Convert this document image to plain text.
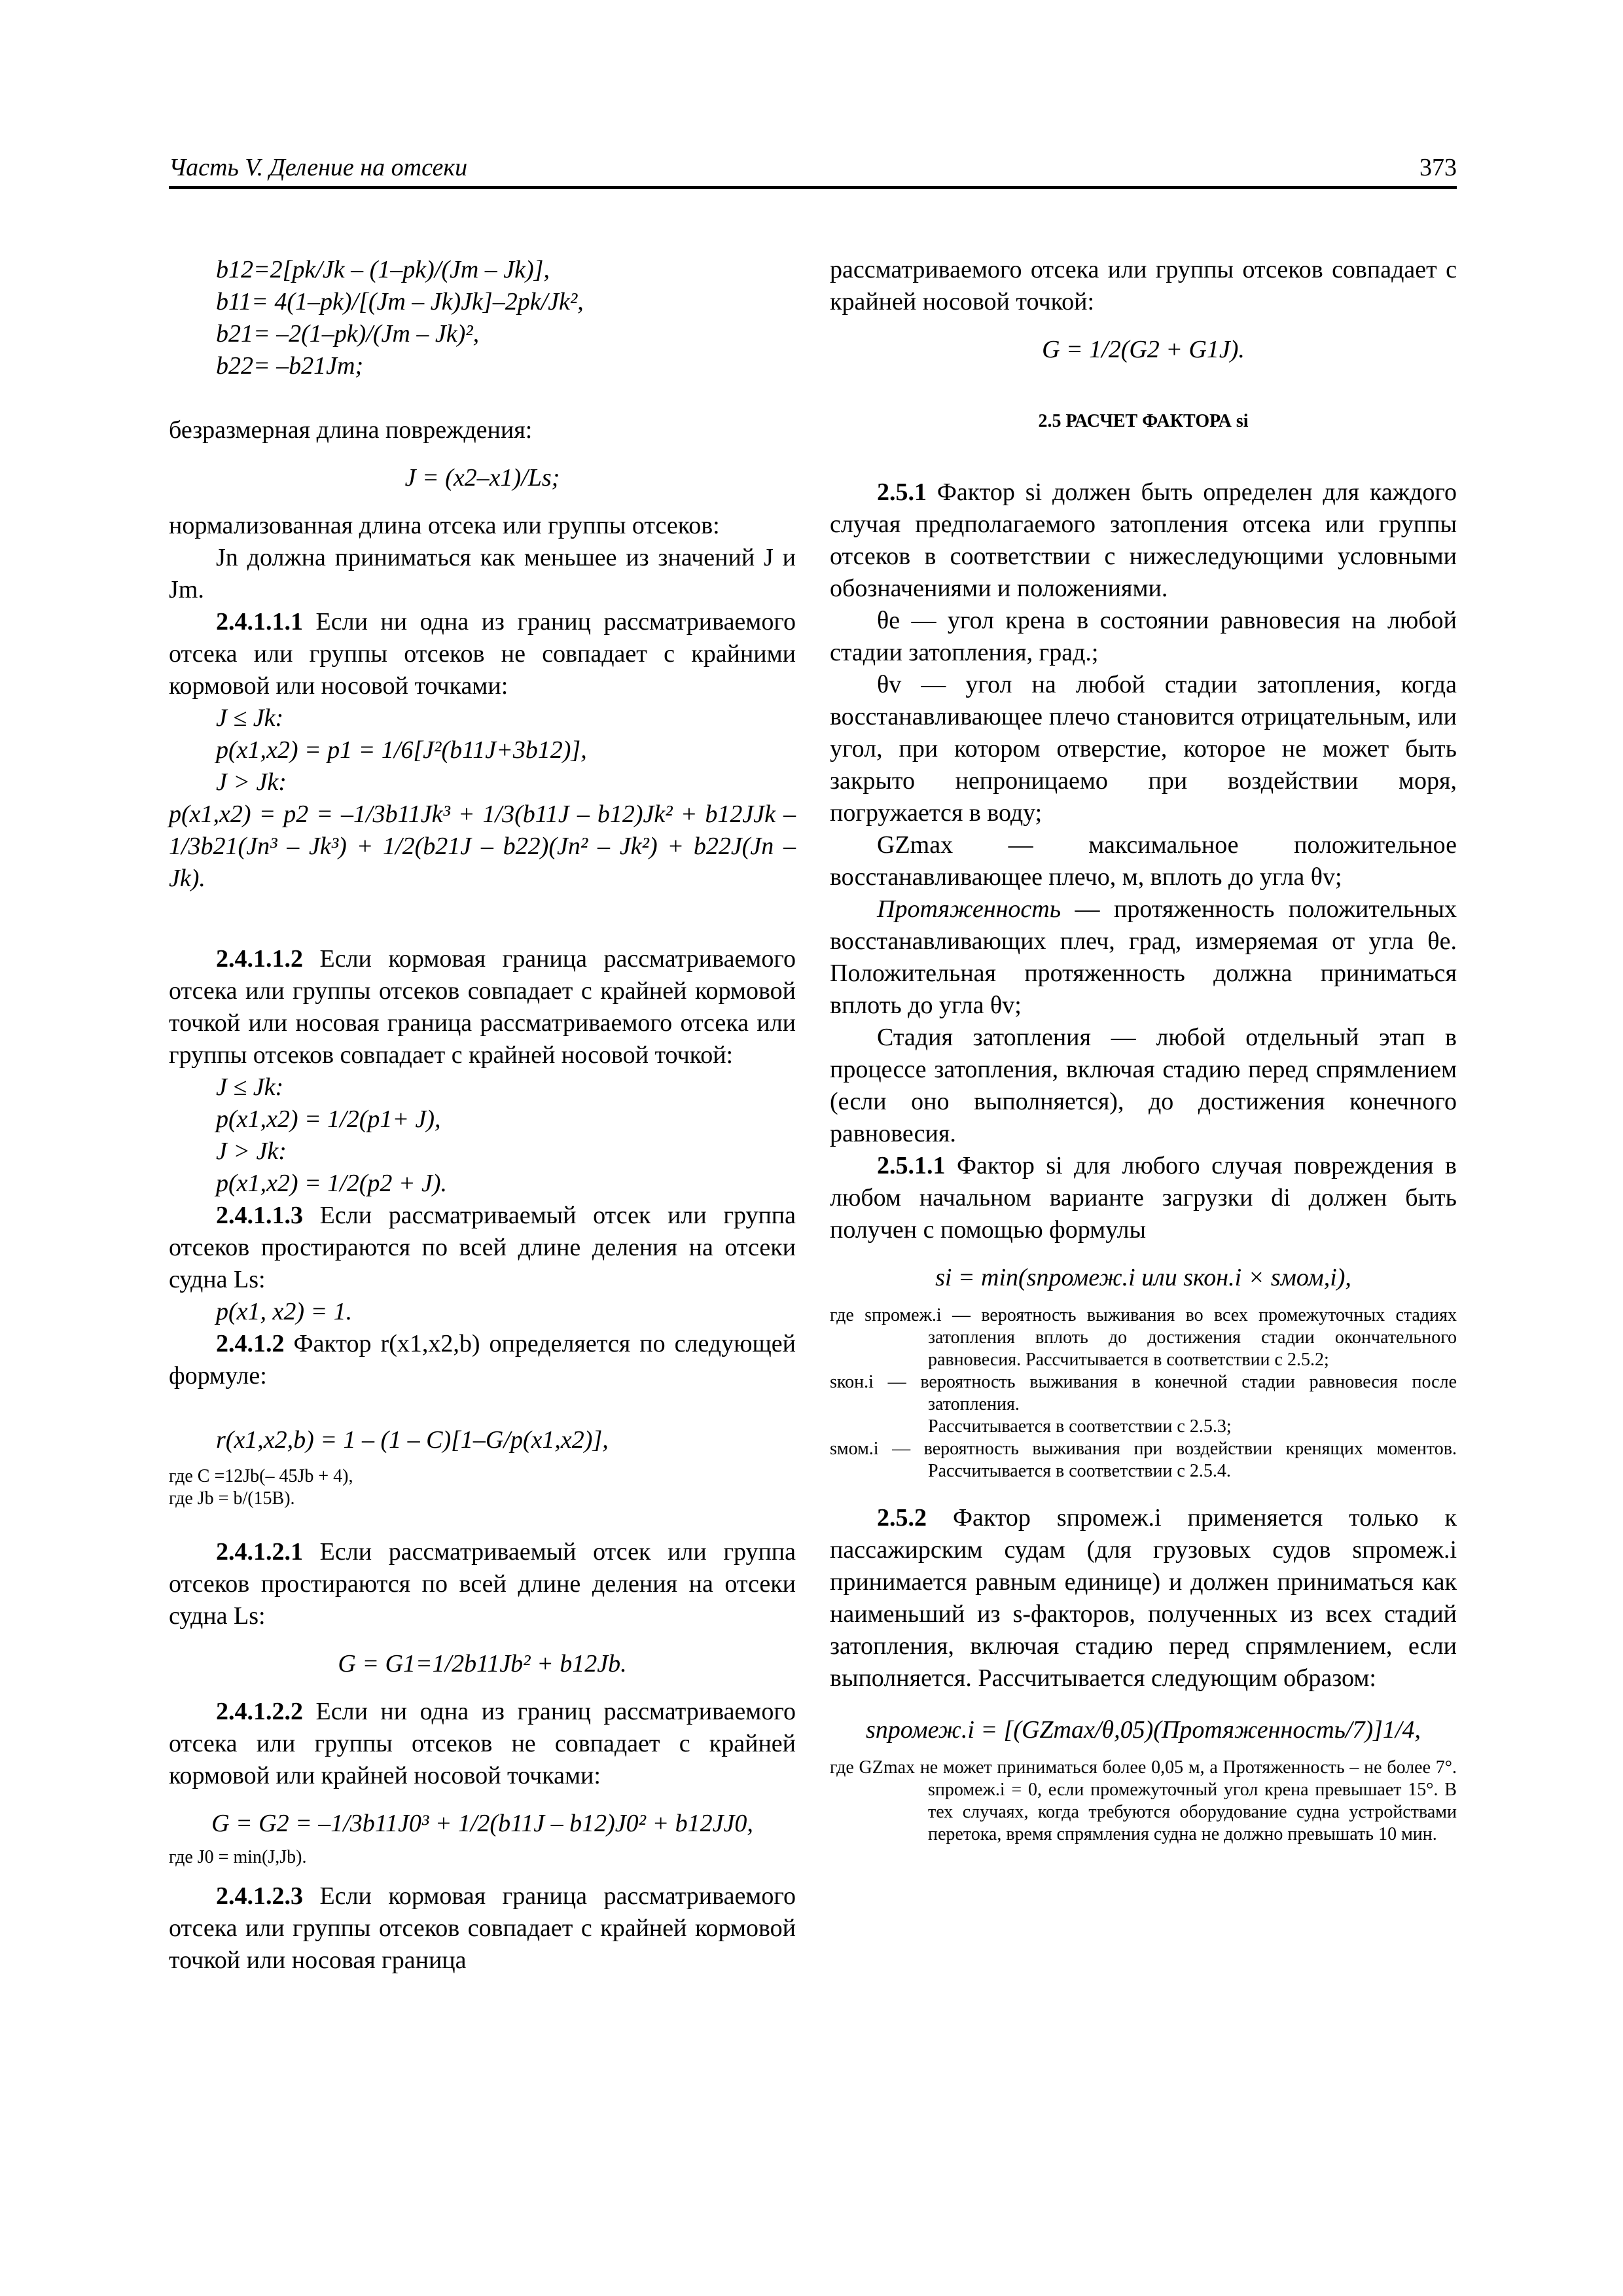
Часть V. Деление на отсеки	373
b12=2[pk/Jk – (1–pk)/(Jm – Jk)],
b11= 4(1–pk)/[(Jm – Jk)Jk]–2pk/Jk²,
b21= –2(1–pk)/(Jm – Jk)²,
b22= –b21Jm;

безразмерная длина повреждения:

J = (x2–x1)/Ls;

нормализованная длина отсека или группы отсеков:

Jn должна приниматься как меньшее из значений J и Jm.

2.4.1.1.1 Если ни одна из границ рассматриваемого отсека или группы отсеков не совпадает с крайними кормовой или носовой точками:

J ≤ Jk:
p(x1,x2) = p1 = 1/6[J²(b11J+3b12)],
J > Jk:

p(x1,x2) = p2 = –1/3b11Jk³ + 1/3(b11J – b12)Jk² + b12JJk – 1/3b21(Jn³ – Jk³) + 1/2(b21J – b22)(Jn² – Jk²) + b22J(Jn – Jk).

2.4.1.1.2 Если кормовая граница рассматриваемого отсека или группы отсеков совпадает с крайней кормовой точкой или носовая граница рассматриваемого отсека или группы отсеков совпадает с крайней носовой точкой:

J ≤ Jk:
p(x1,x2) = 1/2(p1+ J),
J > Jk:
p(x1,x2) = 1/2(p2 + J).

2.4.1.1.3 Если рассматриваемый отсек или группа отсеков простираются по всей длине деления на отсеки судна Ls:

p(x1, x2) = 1.

2.4.1.2 Фактор r(x1,x2,b) определяется по следующей формуле:

r(x1,x2,b) = 1 – (1 – C)[1–G/p(x1,x2)],
где C =12Jb(– 45Jb + 4),
где Jb = b/(15B).

2.4.1.2.1 Если рассматриваемый отсек или группа отсеков простираются по всей длине деления на отсеки судна Ls:

G = G1=1/2b11Jb² + b12Jb.

2.4.1.2.2 Если ни одна из границ рассматриваемого отсека или группы отсеков не совпадает с крайней кормовой или крайней носовой точками:

G = G2 = –1/3b11J0³ + 1/2(b11J – b12)J0² + b12JJ0,
где J0 = min(J,Jb).

2.4.1.2.3 Если кормовая граница рассматриваемого отсека или группы отсеков совпадает с крайней кормовой точкой или носовая граница

рассматриваемого отсека или группы отсеков совпадает с крайней носовой точкой:

G = 1/2(G2 + G1J).
2.5 РАСЧЕТ ФАКТОРА si

2.5.1 Фактор si должен быть определен для каждого случая предполагаемого затопления отсека или группы отсеков в соответствии с нижеследующими условными обозначениями и положениями.

θe — угол крена в состоянии равновесия на любой стадии затопления, град.;

θv — угол на любой стадии затопления, когда восстанавливающее плечо становится отрицательным, или угол, при котором отверстие, которое не может быть закрыто непроницаемо при воздействии моря, погружается в воду;

GZmax — максимальное положительное восстанавливающее плечо, м, вплоть до угла θv;

Протяженность — протяженность положительных восстанавливающих плеч, град, измеряемая от угла θe. Положительная протяженность должна приниматься вплоть до угла θv;

Стадия затопления — любой отдельный этап в процессе затопления, включая стадию перед спрямлением (если оно выполняется), до достижения конечного равновесия.

2.5.1.1 Фактор si для любого случая повреждения в любом начальном варианте загрузки di должен быть получен с помощью формулы

si = min(sпромеж.i или sкон.i × sмом,i),

где sпромеж.i — вероятность выживания во всех промежуточных стадиях затопления вплоть до достижения стадии окончательного равновесия. Рассчитывается в соответствии с 2.5.2;

sкон.i — вероятность выживания в конечной стадии равновесия после затопления.

Рассчитывается в соответствии с 2.5.3;

sмом.i — вероятность выживания при воздействии кренящих моментов. Рассчитывается в соответствии с 2.5.4.

2.5.2 Фактор sпромеж.i применяется только к пассажирским судам (для грузовых судов sпромеж.i принимается равным единице) и должен приниматься как наименьший из s-факторов, полученных из всех стадий затопления, включая стадию перед спрямлением, если выполняется. Рассчитывается следующим образом:

sпромеж.i = [(GZmax/θ,05)(Протяженность/7)]1/4,

где GZmax не может приниматься более 0,05 м, а Протяженность – не более 7°. sпромеж.i = 0, если промежуточный угол крена превышает 15°. В тех случаях, когда требуются оборудование судна устройствами перетока, время спрямления судна не должно превышать 10 мин.
